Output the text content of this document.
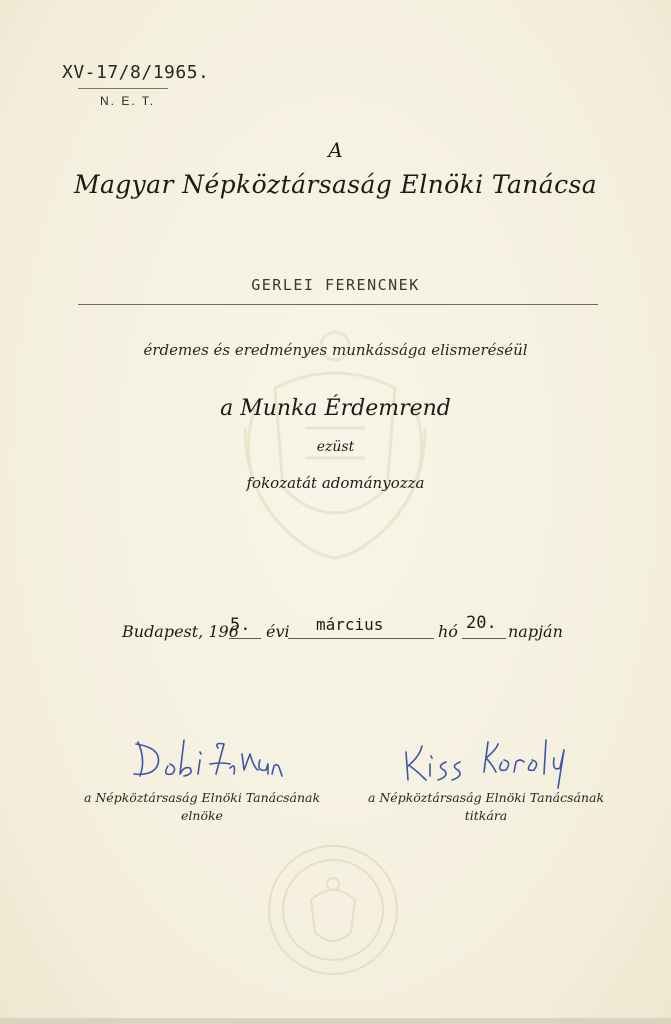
XV-17/8/1965.
N. E. T.
A
Magyar Népköztársaság Elnöki Tanácsa
GERLEI FERENCNEK
érdemes és eredményes munkássága elismeréséül
a Munka Érdemrend
ezüst
fokozatát adományozza
Budapest, 196
5. évi március	hó 20. napján
a Népköztársaság Elnöki Tanácsának
elnöke
a Népköztársaság Elnöki Tanácsának
titkára
